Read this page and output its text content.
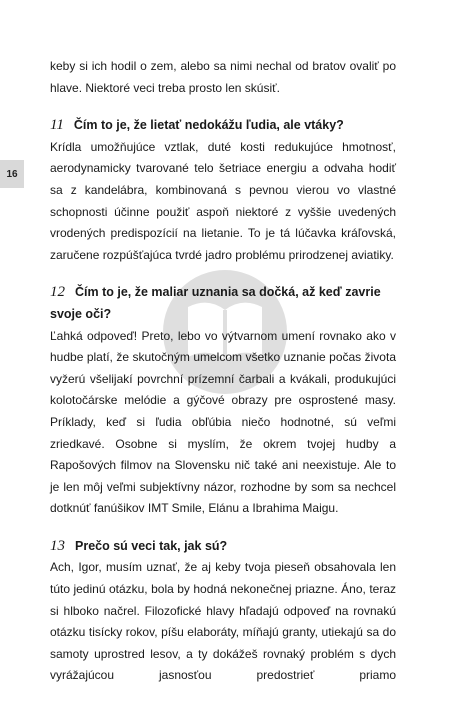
16

keby si ich hodil o zem, alebo sa nimi nechal od bratov ovaliť po hlave. Niektoré veci treba prosto len skúsiť.

11 Čím to je, že lietať nedokážu ľudia, ale vtáky?

Krídla umožňujúce vztlak, duté kosti redukujúce hmotnosť, aerodynamicky tvarované telo šetriace energiu a odvaha hodiť sa z kandelábra, kombinovaná s pevnou vierou vo vlastné schopnosti účinne použiť aspoň niektoré z vyššie uvedených vrodených predispozícií na lietanie. To je tá lúčavka kráľovská, zaručene rozpúšťajúca tvrdé jadro problému prirodzenej aviatiky.

12 Čím to je, že maliar uznania sa dočká, až keď zavrie svoje oči?

Ľahká odpoveď! Preto, lebo vo výtvarnom umení rovnako ako v hudbe platí, že skutočným umelcom všetko uznanie počas života vyžerú všelijakí povrchní prízemní čarbali a kvákali, produkujúci kolotočárske melódie a gýčové obrazy pre osprostené masy. Príklady, keď si ľudia obľúbia niečo hodnotné, sú veľmi zriedkavé. Osobne si myslím, že okrem tvojej hudby a Rapošových filmov na Slovensku nič také ani neexistuje. Ale to je len môj veľmi subjektívny názor, rozhodne by som sa nechcel dotknúť fanúšikov IMT Smile, Elánu a Ibrahima Maigu.

13 Prečo sú veci tak, jak sú?

Ach, Igor, musím uznať, že aj keby tvoja pieseň obsahovala len túto jedinú otázku, bola by hodná nekonečnej priazne. Áno, teraz si hlboko načrel. Filozofické hlavy hľadajú odpoveď na rovnakú otázku tisícky rokov, píšu elaboráty, míňajú granty, utiekajú sa do samoty uprostred lesov, a ty dokážeš rovnaký problém s dych vyrážajúcou jasnosťou predostrieť priamo
